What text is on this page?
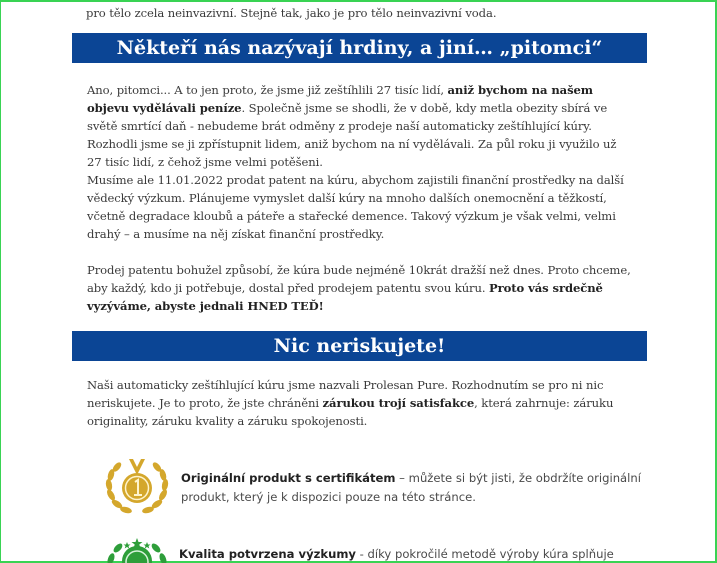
pro tělo zcela neinvazivní. Stejně tak, jako je pro tělo neinvazivní voda.
Někteří nás nazývají hrdiny, a jiní… „pitomci“
Ano, pitomci... A to jen proto, že jsme již zeštíhlili 27 tisíc lidí, aniž bychom na našem objevu vydělávali peníze. Společně jsme se shodli, že v době, kdy metla obezity sbírá ve světě smrtící daň - nebudeme brát odměny z prodeje naší automaticky zeštíhlující kúry. Rozhodli jsme se ji zpřístupnit lidem, aniž bychom na ní vydělávali. Za půl roku ji využilo už 27 tisíc lidí, z čehož jsme velmi potěšeni.
Musíme ale 11.01.2022 prodat patent na kúru, abychom zajistili finanční prostředky na další vědecký výzkum. Plánujeme vymyslet další kúry na mnoho dalších onemocnění a těžkostí, včetně degradace kloubů a páteře a stařecké demence. Takový výzkum je však velmi, velmi drahý – a musíme na něj získat finanční prostředky.
Prodej patentu bohužel způsobí, že kúra bude nejméně 10krát dražší než dnes. Proto chceme, aby každý, kdo ji potřebuje, dostal před prodejem patentu svou kúru. Proto vás srdečně vyzýváme, abyste jednali HNED TEĎ!
Nic neriskujete!
Naši automaticky zeštíhlující kúru jsme nazvali Prolesan Pure. Rozhodnutím se pro ni nic neriskujete. Je to proto, že jste chráněni zárukou trojí satisfakce, která zahrnuje: záruku originality, záruku kvality a záruku spokojenosti.
Originální produkt s certifikátem – můžete si být jisti, že obdržíte originální produkt, který je k dispozici pouze na této stránce.
Kvalita potvrzena výzkumy - díky pokročilé metodě výroby kúra splňuje
